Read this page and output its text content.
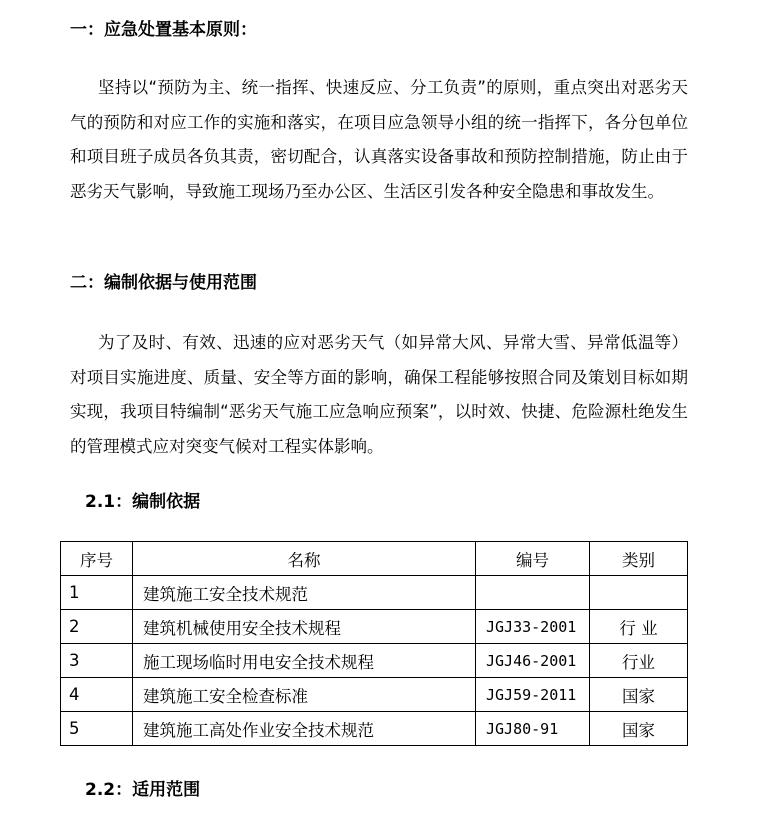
一：应急处置基本原则：
坚持以“预防为主、统一指挥、快速反应、分工负责”的原则，重点突出对恶劣天气的预防和对应工作的实施和落实，在项目应急领导小组的统一指挥下，各分包单位和项目班子成员各负其责，密切配合，认真落实设备事故和预防控制措施，防止由于恶劣天气影响，导致施工现场乃至办公区、生活区引发各种安全隐患和事故发生。
二：编制依据与使用范围
为了及时、有效、迅速的应对恶劣天气（如异常大风、异常大雪、异常低温等）对项目实施进度、质量、安全等方面的影响，确保工程能够按照合同及策划目标如期实现，我项目特编制“恶劣天气施工应急响应预案”，以时效、快捷、危险源杜绝发生的管理模式应对突变气候对工程实体影响。
2.1：编制依据
序号	名称	编号	类别
1	建筑施工安全技术规范		
2	建筑机械使用安全技术规程	JGJ33-2001	行 业
3	施工现场临时用电安全技术规程	JGJ46-2001	行业
4	建筑施工安全检查标准	JGJ59-2011	国家
5	建筑施工高处作业安全技术规范	JGJ80-91	国家
2.2：适用范围
